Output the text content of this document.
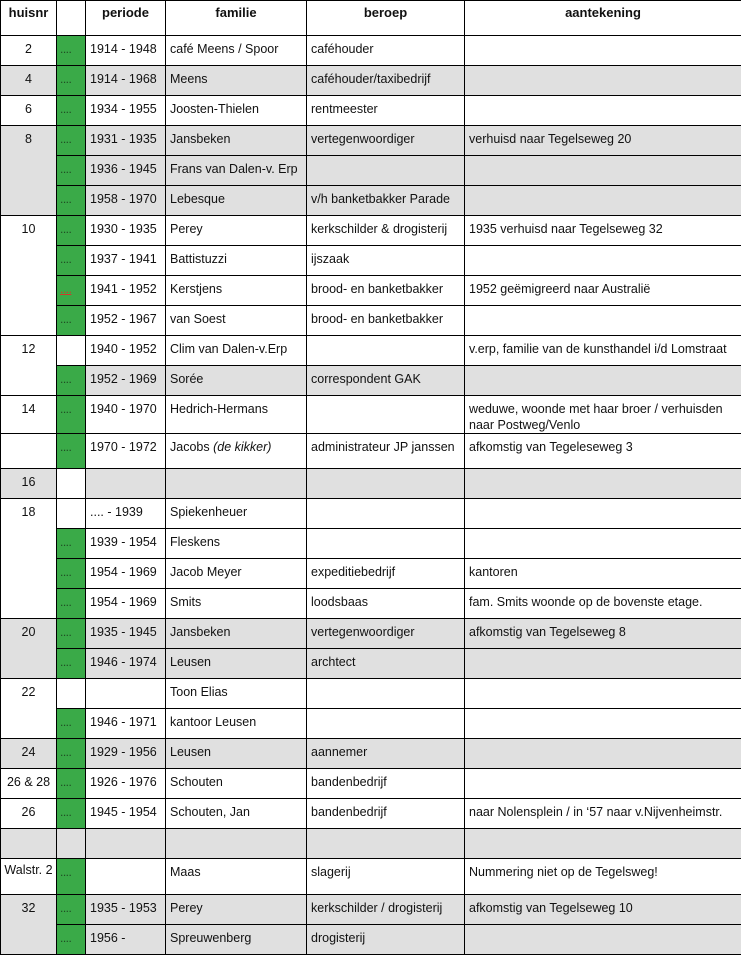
huisnr		periode	familie	beroep	aantekening
2	....	1914 - 1948	café Meens / Spoor	caféhouder	
4	....	1914 - 1968	Meens	caféhouder/taxibedrijf	
6	....	1934 - 1955	Joosten-Thielen	rentmeester	
8	....	1931 - 1935	Jansbeken	vertegenwoordiger	verhuisd naar Tegelseweg 20
	....	1936 - 1945	Frans van Dalen-v. Erp		
	....	1958 - 1970	Lebesque	v/h banketbakker Parade	
10	....	1930 - 1935	Perey	kerkschilder & drogisterij	1935 verhuisd naar Tegelseweg 32
	....	1937 - 1941	Battistuzzi	ijszaak	
	....	1941 - 1952	Kerstjens	brood- en banketbakker	1952 geëmigreerd naar Australië
	....	1952 - 1967	van Soest	brood- en banketbakker	
12		1940 - 1952	Clim van Dalen-v.Erp		v.erp, familie van de kunsthandel i/d Lomstraat
	....	1952 - 1969	Sorée	correspondent GAK	
14	....	1940 - 1970	Hedrich-Hermans		weduwe, woonde met haar broer / verhuisden naar Postweg/Venlo
	....	1970 - 1972	Jacobs (de kikker)	administrateur JP janssen	afkomstig van Tegeleseweg 3
16					
18		.... - 1939	Spiekenheuer		
	....	1939 - 1954	Fleskens		
	....	1954 - 1969	Jacob Meyer	expeditiebedrijf	kantoren
	....	1954 - 1969	Smits	loodsbaas	fam. Smits woonde op de bovenste etage.
20	....	1935 - 1945	Jansbeken	vertegenwoordiger	afkomstig van Tegelseweg 8
	....	1946 - 1974	Leusen	archtect	
22			Toon Elias		
	....	1946 - 1971	kantoor Leusen		
24	....	1929 - 1956	Leusen	aannemer	
26 & 28	....	1926 - 1976	Schouten	bandenbedrijf	
26	....	1945 - 1954	Schouten, Jan	bandenbedrijf	naar Nolensplein / in ‘57 naar v.Nijvenheimstr.

Walstr. 2	....		Maas	slagerij	Nummering niet op de Tegelsweg!
32	....	1935 - 1953	Perey	kerkschilder / drogisterij	afkomstig van Tegelseweg 10
	....	1956 -	Spreuwenberg	drogisterij	
